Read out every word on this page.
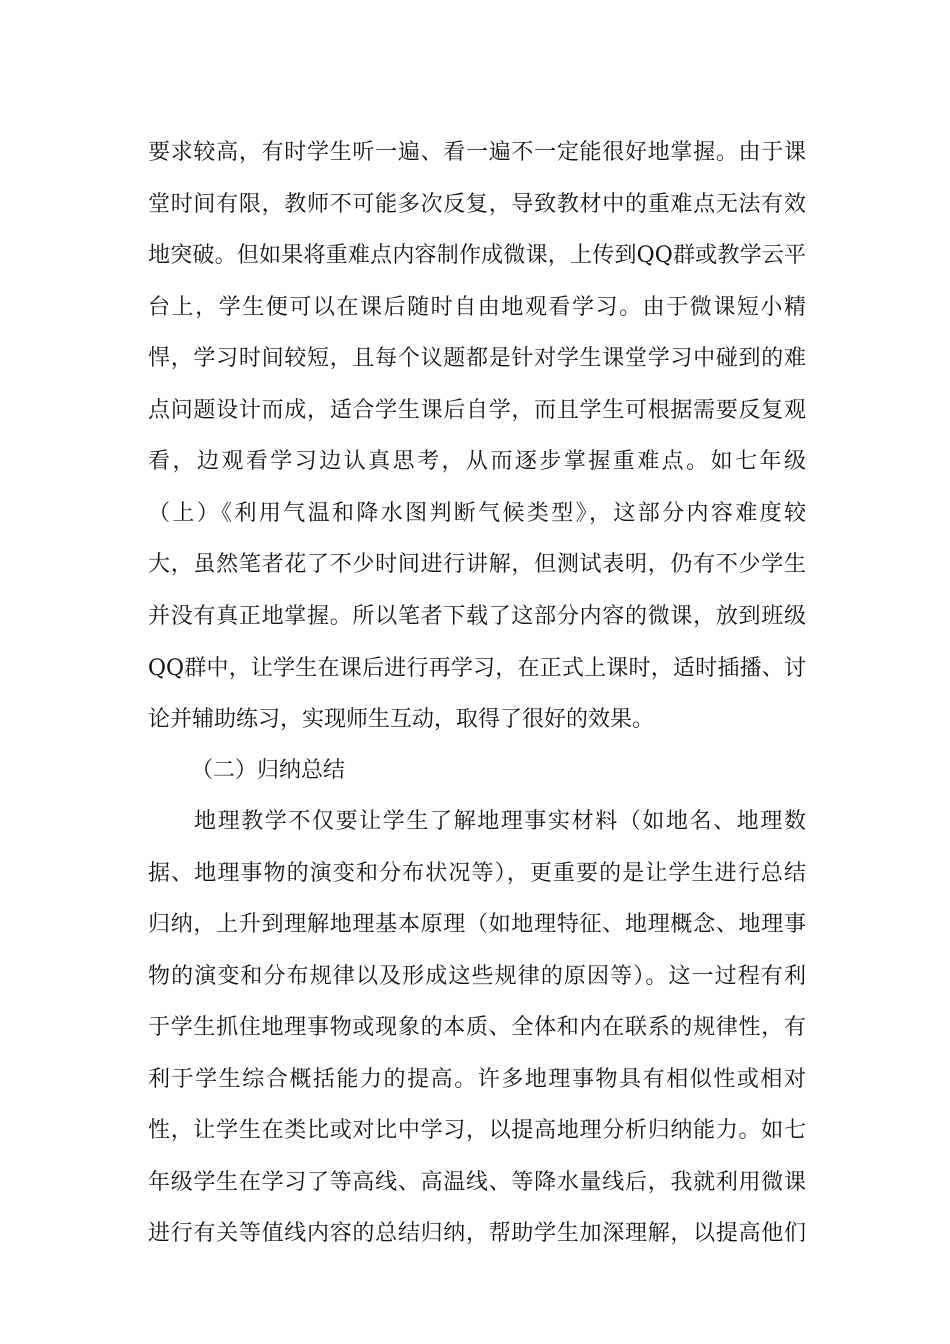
要求较高，有时学生听一遍、看一遍不一定能很好地掌握。由于课
堂时间有限，教师不可能多次反复，导致教材中的重难点无法有效
地突破。但如果将重难点内容制作成微课，上传到QQ群或教学云平
台上，学生便可以在课后随时自由地观看学习。由于微课短小精
悍，学习时间较短，且每个议题都是针对学生课堂学习中碰到的难
点问题设计而成，适合学生课后自学，而且学生可根据需要反复观
看，边观看学习边认真思考，从而逐步掌握重难点。如七年级
（上）《利用气温和降水图判断气候类型》，这部分内容难度较
大，虽然笔者花了不少时间进行讲解，但测试表明，仍有不少学生
并没有真正地掌握。所以笔者下载了这部分内容的微课，放到班级
QQ群中，让学生在课后进行再学习，在正式上课时，适时插播、讨
论并辅助练习，实现师生互动，取得了很好的效果。
（二）归纳总结
地理教学不仅要让学生了解地理事实材料（如地名、地理数
据、地理事物的演变和分布状况等），更重要的是让学生进行总结
归纳，上升到理解地理基本原理（如地理特征、地理概念、地理事
物的演变和分布规律以及形成这些规律的原因等）。这一过程有利
于学生抓住地理事物或现象的本质、全体和内在联系的规律性，有
利于学生综合概括能力的提高。许多地理事物具有相似性或相对
性，让学生在类比或对比中学习，以提高地理分析归纳能力。如七
年级学生在学习了等高线、高温线、等降水量线后，我就利用微课
进行有关等值线内容的总结归纳，帮助学生加深理解，以提高他们
